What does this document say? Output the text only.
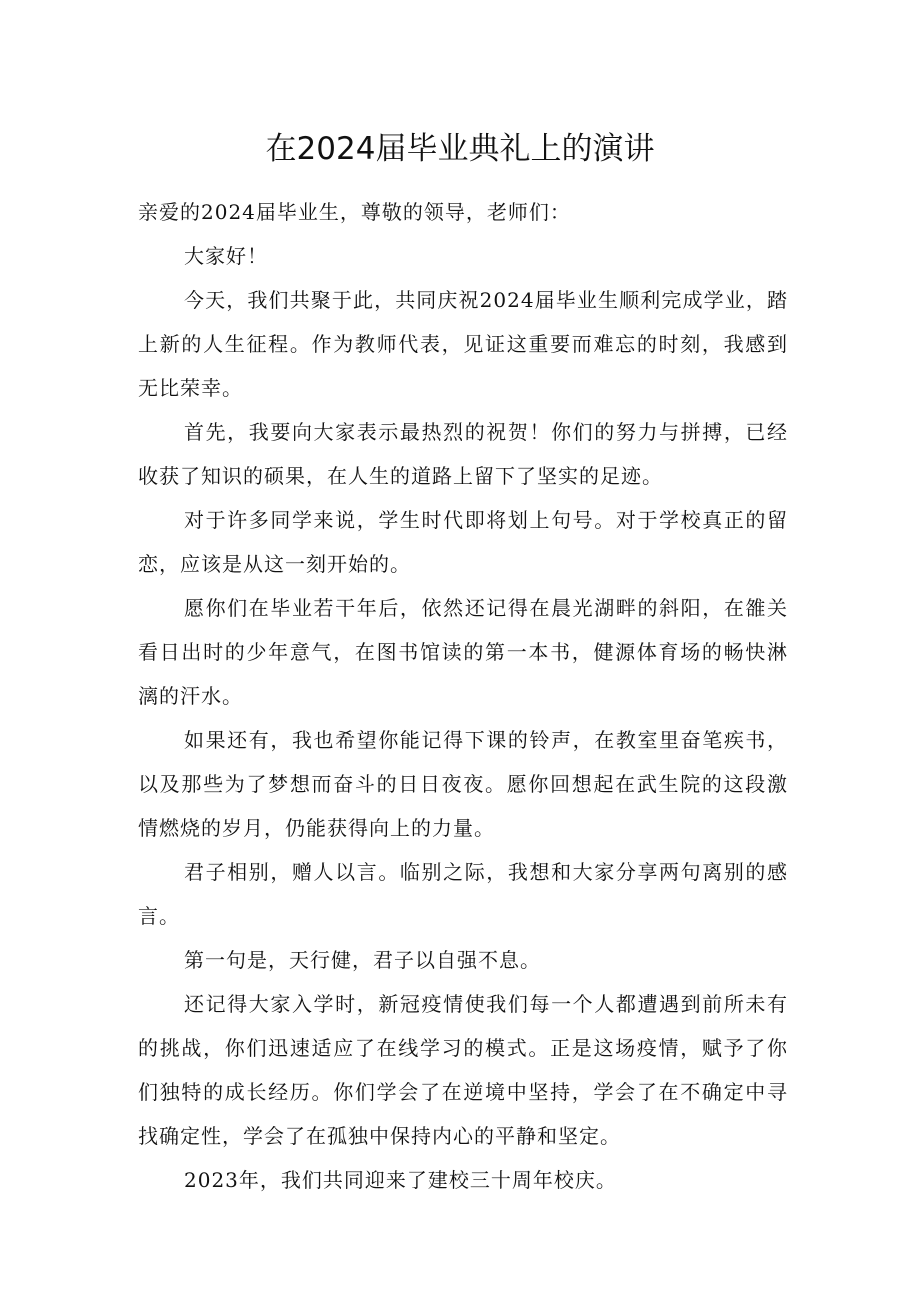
在2024届毕业典礼上的演讲

亲爱的2024届毕业生，尊敬的领导，老师们：

大家好！

今天，我们共聚于此，共同庆祝2024届毕业生顺利完成学业，踏上新的人生征程。作为教师代表，见证这重要而难忘的时刻，我感到无比荣幸。

首先，我要向大家表示最热烈的祝贺！你们的努力与拼搏，已经收获了知识的硕果，在人生的道路上留下了坚实的足迹。

对于许多同学来说，学生时代即将划上句号。对于学校真正的留恋，应该是从这一刻开始的。

愿你们在毕业若干年后，依然还记得在晨光湖畔的斜阳，在雒关看日出时的少年意气，在图书馆读的第一本书，健源体育场的畅快淋漓的汗水。

如果还有，我也希望你能记得下课的铃声，在教室里奋笔疾书，以及那些为了梦想而奋斗的日日夜夜。愿你回想起在武生院的这段激情燃烧的岁月，仍能获得向上的力量。

君子相别，赠人以言。临别之际，我想和大家分享两句离别的感言。

第一句是，天行健，君子以自强不息。

还记得大家入学时，新冠疫情使我们每一个人都遭遇到前所未有的挑战，你们迅速适应了在线学习的模式。正是这场疫情，赋予了你们独特的成长经历。你们学会了在逆境中坚持，学会了在不确定中寻找确定性，学会了在孤独中保持内心的平静和坚定。

2023年，我们共同迎来了建校三十周年校庆。
